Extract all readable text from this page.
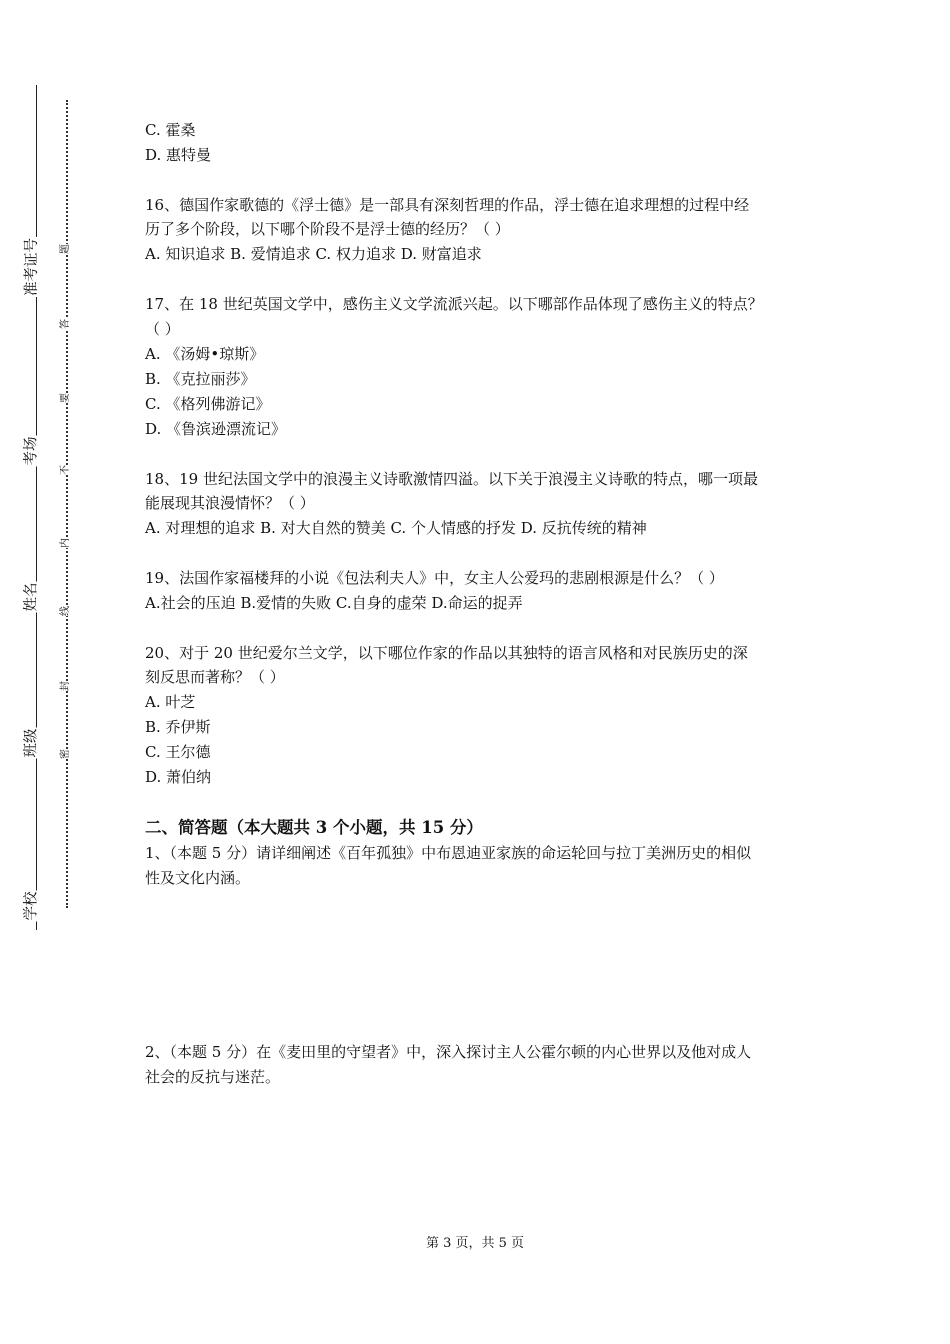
准考证号
考场
姓名
班级
学校
题
答
要
不
内
线
封
密
C. 霍桑
D. 惠特曼
16、德国作家歌德的《浮士德》是一部具有深刻哲理的作品，浮士德在追求理想的过程中经
历了多个阶段，以下哪个阶段不是浮士德的经历？（ ）
A. 知识追求 B. 爱情追求 C. 权力追求 D. 财富追求
17、在 18 世纪英国文学中，感伤主义文学流派兴起。以下哪部作品体现了感伤主义的特点？
（ ）
A. 《汤姆•琼斯》
B. 《克拉丽莎》
C. 《格列佛游记》
D. 《鲁滨逊漂流记》
18、19 世纪法国文学中的浪漫主义诗歌激情四溢。以下关于浪漫主义诗歌的特点，哪一项最
能展现其浪漫情怀？（ ）
A. 对理想的追求 B. 对大自然的赞美 C. 个人情感的抒发 D. 反抗传统的精神
19、法国作家福楼拜的小说《包法利夫人》中，女主人公爱玛的悲剧根源是什么？（ ）
A.社会的压迫 B.爱情的失败 C.自身的虚荣 D.命运的捉弄
20、对于 20 世纪爱尔兰文学，以下哪位作家的作品以其独特的语言风格和对民族历史的深
刻反思而著称？（ ）
A. 叶芝
B. 乔伊斯
C. 王尔德
D. 萧伯纳
二、简答题（本大题共 3 个小题，共 15 分）
1、（本题 5 分）请详细阐述《百年孤独》中布恩迪亚家族的命运轮回与拉丁美洲历史的相似
性及文化内涵。
2、（本题 5 分）在《麦田里的守望者》中，深入探讨主人公霍尔顿的内心世界以及他对成人
社会的反抗与迷茫。
第 3 页，共 5 页
